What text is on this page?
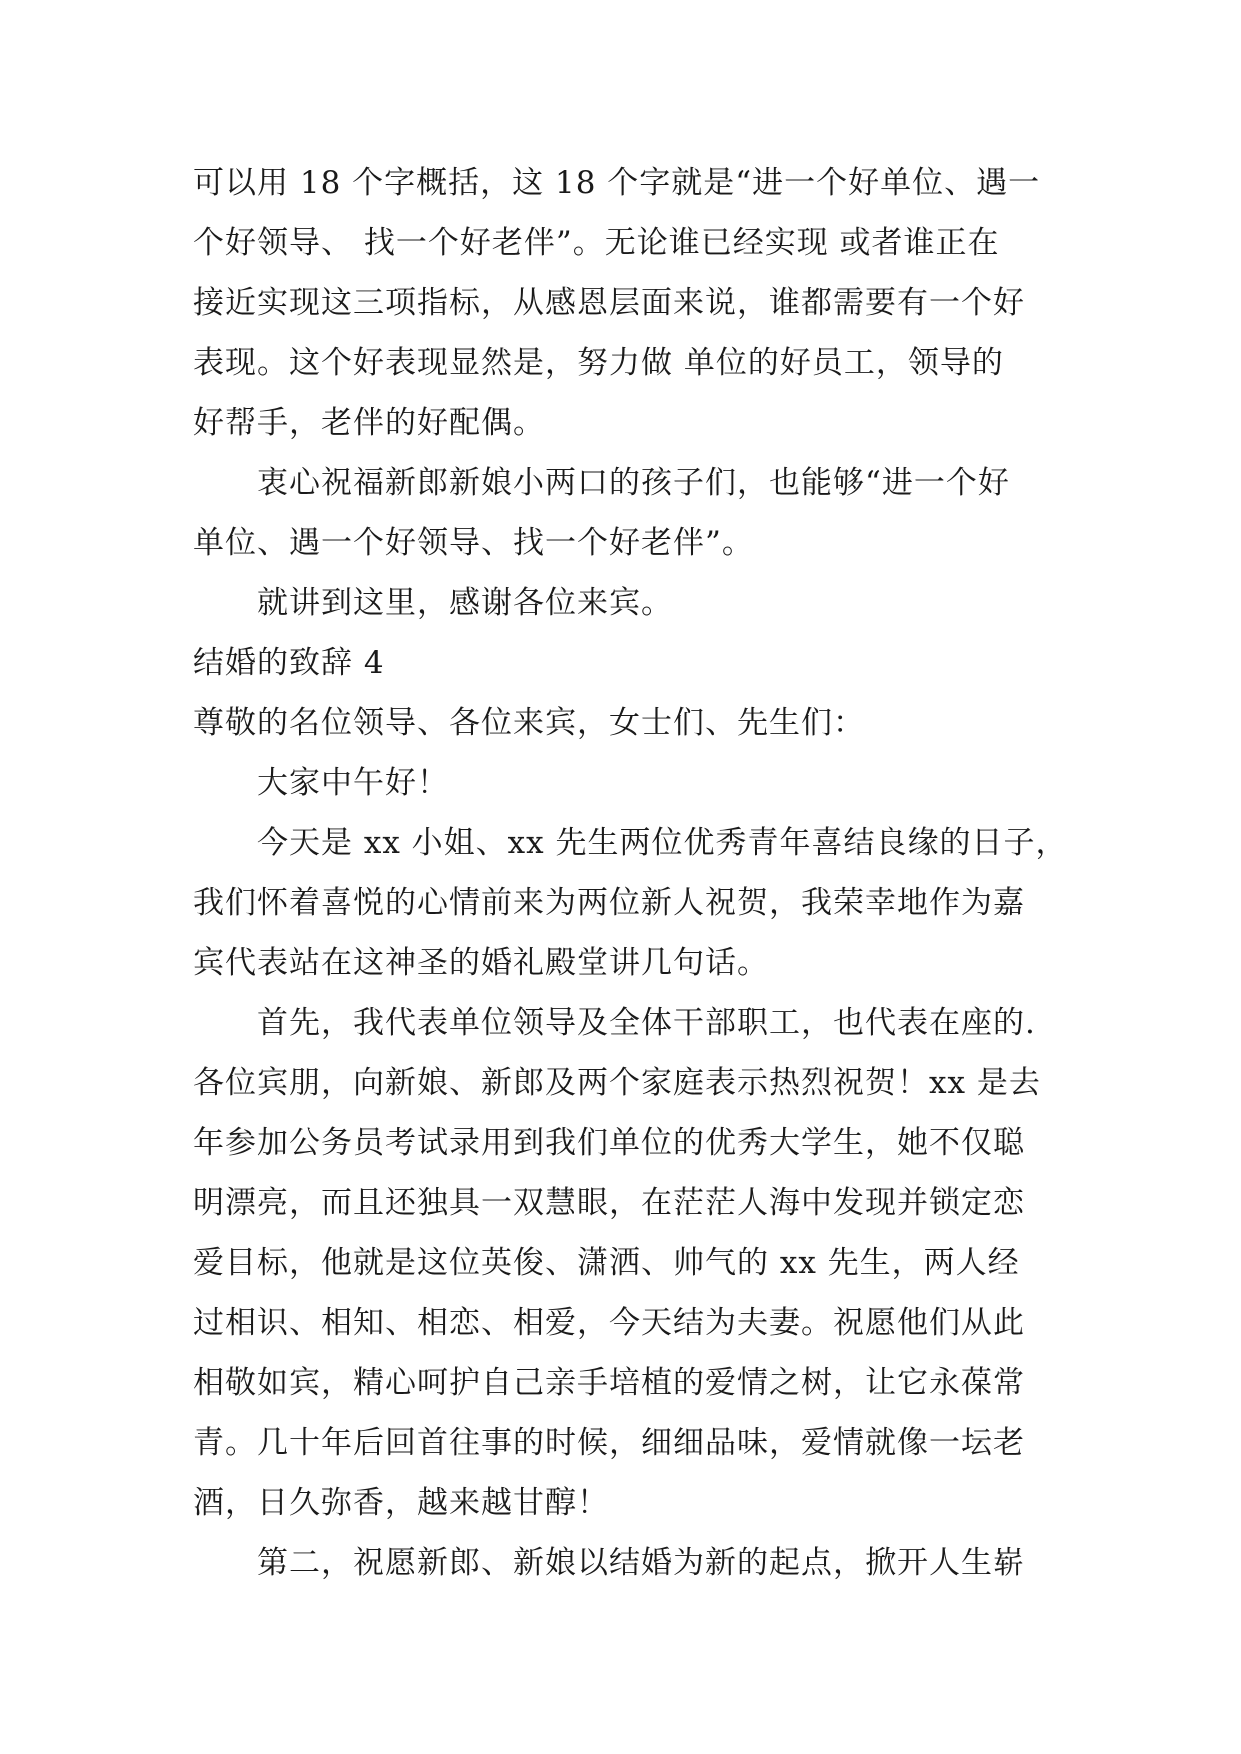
可以用 18 个字概括，这 18 个字就是“进一个好单位、遇一
个好领导、 找一个好老伴”。无论谁已经实现 或者谁正在
接近实现这三项指标，从感恩层面来说，谁都需要有一个好
表现。这个好表现显然是，努力做 单位的好员工，领导的
好帮手，老伴的好配偶。
衷心祝福新郎新娘小两口的孩子们，也能够“进一个好
单位、遇一个好领导、找一个好老伴”。
就讲到这里，感谢各位来宾。
结婚的致辞 4
尊敬的名位领导、各位来宾，女士们、先生们：
大家中午好！
今天是 xx 小姐、xx 先生两位优秀青年喜结良缘的日子，
我们怀着喜悦的心情前来为两位新人祝贺，我荣幸地作为嘉
宾代表站在这神圣的婚礼殿堂讲几句话。
首先，我代表单位领导及全体干部职工，也代表在座的.
各位宾朋，向新娘、新郎及两个家庭表示热烈祝贺！xx 是去
年参加公务员考试录用到我们单位的优秀大学生，她不仅聪
明漂亮，而且还独具一双慧眼，在茫茫人海中发现并锁定恋
爱目标，他就是这位英俊、潇洒、帅气的 xx 先生，两人经
过相识、相知、相恋、相爱，今天结为夫妻。祝愿他们从此
相敬如宾，精心呵护自己亲手培植的爱情之树，让它永葆常
青。几十年后回首往事的时候，细细品味，爱情就像一坛老
酒，日久弥香，越来越甘醇！
第二，祝愿新郎、新娘以结婚为新的起点，掀开人生崭
